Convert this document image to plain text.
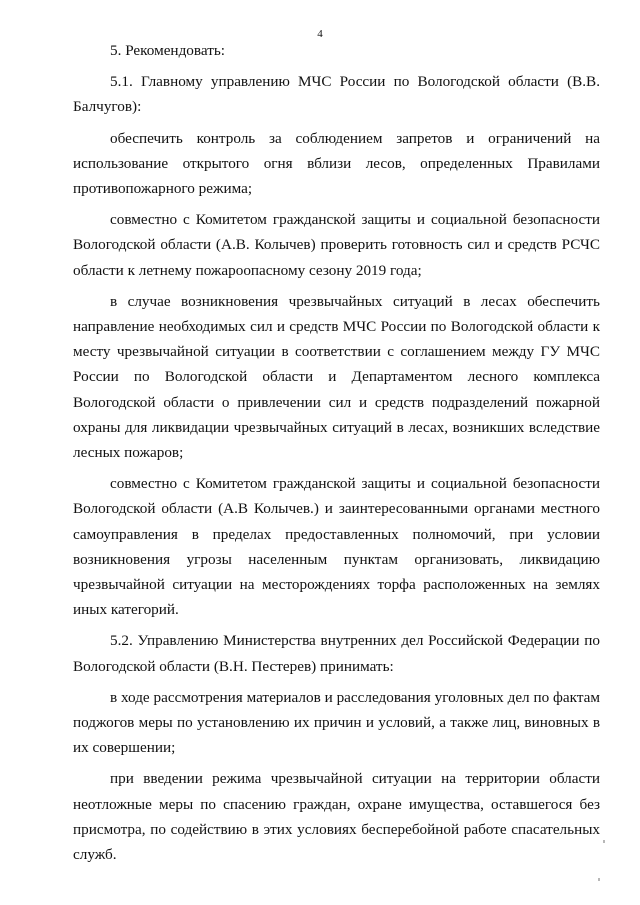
4

5. Рекомендовать:

5.1. Главному управлению МЧС России по Вологодской области (В.В. Балчугов):

обеспечить контроль за соблюдением запретов и ограничений на использование открытого огня вблизи лесов, определенных Правилами противопожарного режима;

совместно с Комитетом гражданской защиты и социальной безопасности Вологодской области (А.В. Колычев) проверить готовность сил и средств РСЧС области к летнему пожароопасному сезону 2019 года;

в случае возникновения чрезвычайных ситуаций в лесах обеспечить направление необходимых сил и средств МЧС России по Вологодской области к месту чрезвычайной ситуации в соответствии с соглашением между ГУ МЧС России по Вологодской области и Департаментом лесного комплекса Вологодской области о привлечении сил и средств подразделений пожарной охраны для ликвидации чрезвычайных ситуаций в лесах, возникших вследствие лесных пожаров;

совместно с Комитетом гражданской защиты и социальной безопасности Вологодской области (А.В Колычев.) и заинтересованными органами местного самоуправления в пределах предоставленных полномочий, при условии возникновения угрозы населенным пунктам организовать, ликвидацию чрезвычайной ситуации на месторождениях торфа расположенных на землях иных категорий.

5.2. Управлению Министерства внутренних дел Российской Федерации по Вологодской области (В.Н. Пестерев) принимать:

в ходе рассмотрения материалов и расследования уголовных дел по фактам поджогов меры по установлению их причин и условий, а также лиц, виновных в их совершении;

при введении режима чрезвычайной ситуации на территории области неотложные меры по спасению граждан, охране имущества, оставшегося без присмотра, по содействию в этих условиях бесперебойной работе спасательных служб.
